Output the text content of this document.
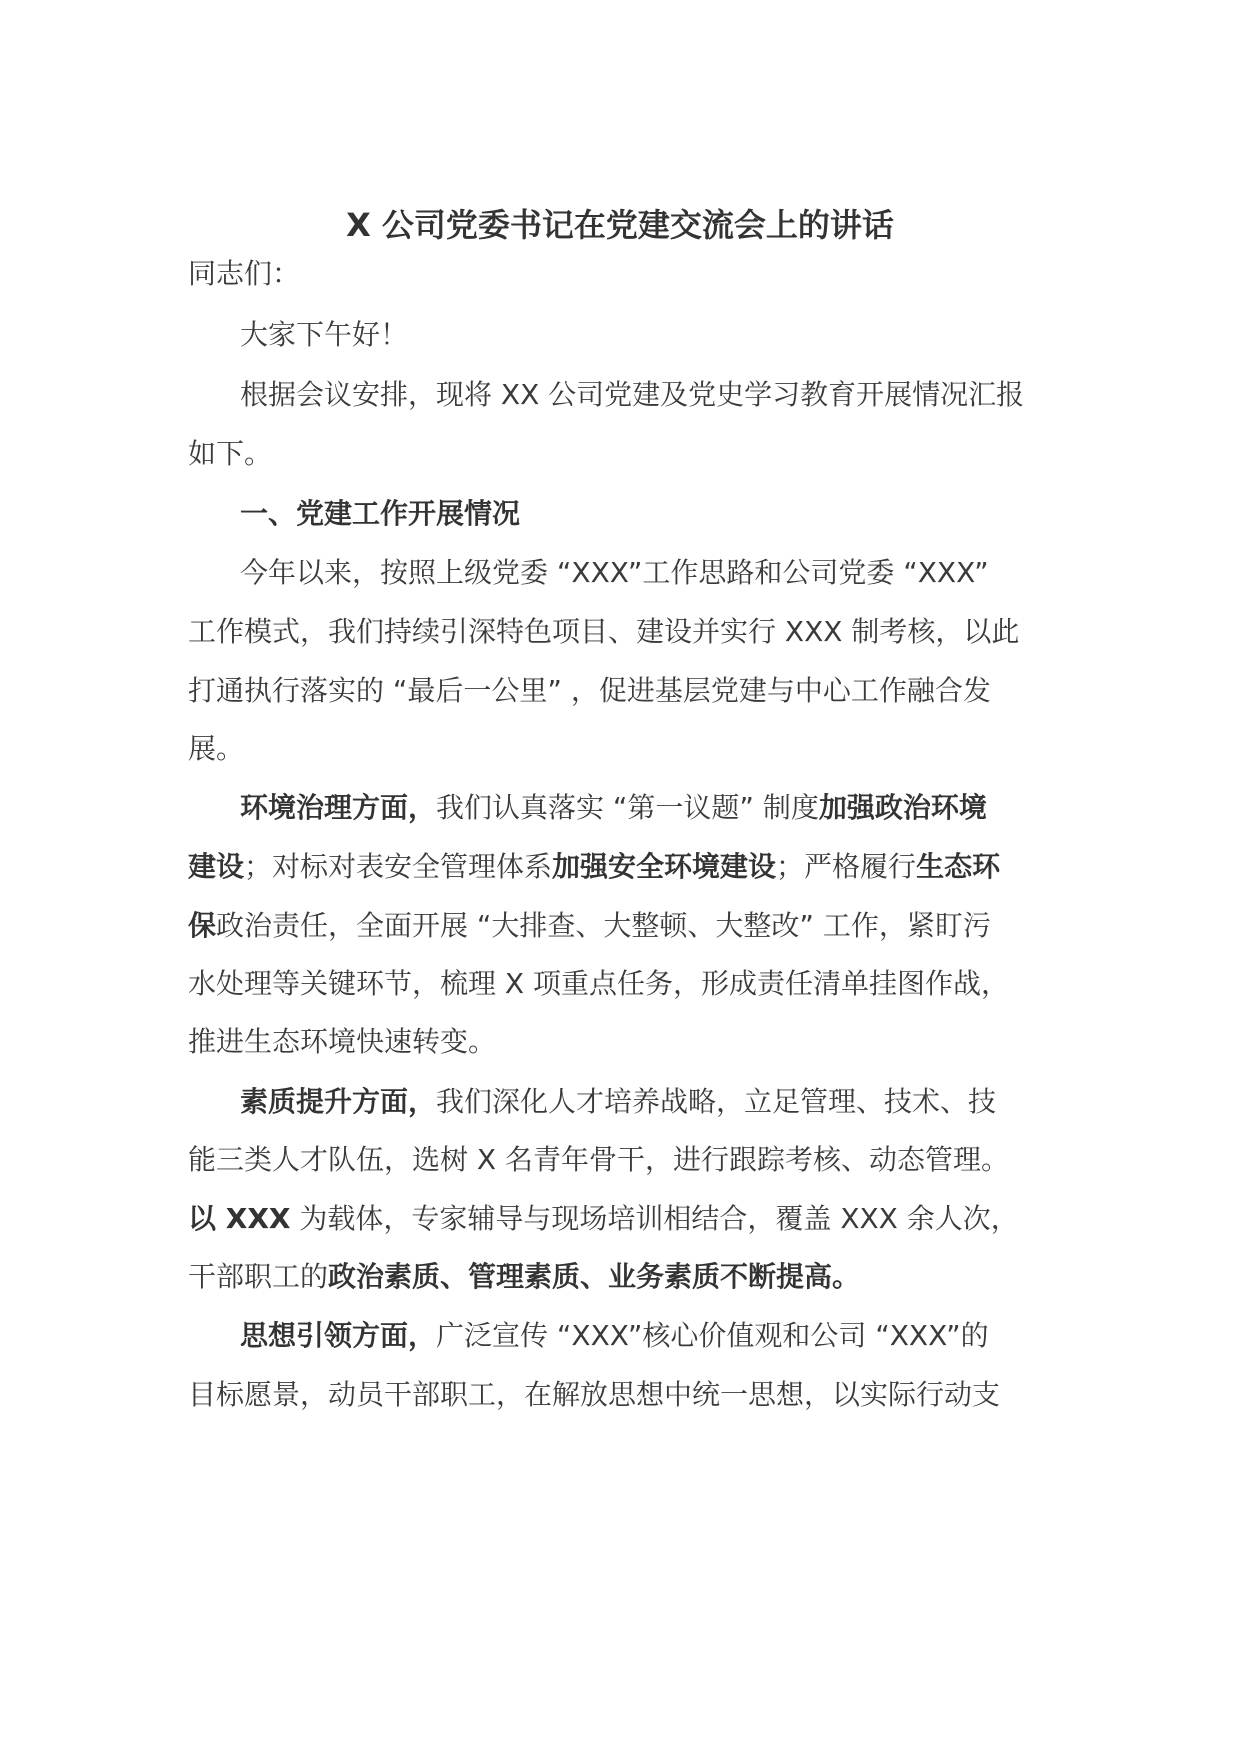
X 公司党委书记在党建交流会上的讲话

同志们：

大家下午好！

根据会议安排，现将 XX 公司党建及党史学习教育开展情况汇报

如下。

一、党建工作开展情况

今年以来，按照上级党委 “XXX”工作思路和公司党委 “XXX”

工作模式，我们持续引深特色项目、建设并实行 XXX 制考核，以此

打通执行落实的 “最后一公里” ，促进基层党建与中心工作融合发

展。

环境治理方面，我们认真落实 “第一议题” 制度加强政治环境

建设；对标对表安全管理体系加强安全环境建设；严格履行生态环

保政治责任，全面开展 “大排查、大整顿、大整改” 工作，紧盯污

水处理等关键环节，梳理 X 项重点任务，形成责任清单挂图作战，

推进生态环境快速转变。

素质提升方面，我们深化人才培养战略，立足管理、技术、技

能三类人才队伍，选树 X 名青年骨干，进行跟踪考核、动态管理。

以 XXX 为载体，专家辅导与现场培训相结合，覆盖 XXX 余人次，

干部职工的政治素质、管理素质、业务素质不断提高。

思想引领方面，广泛宣传 “XXX”核心价值观和公司 “XXX”的

目标愿景，动员干部职工，在解放思想中统一思想，以实际行动支
